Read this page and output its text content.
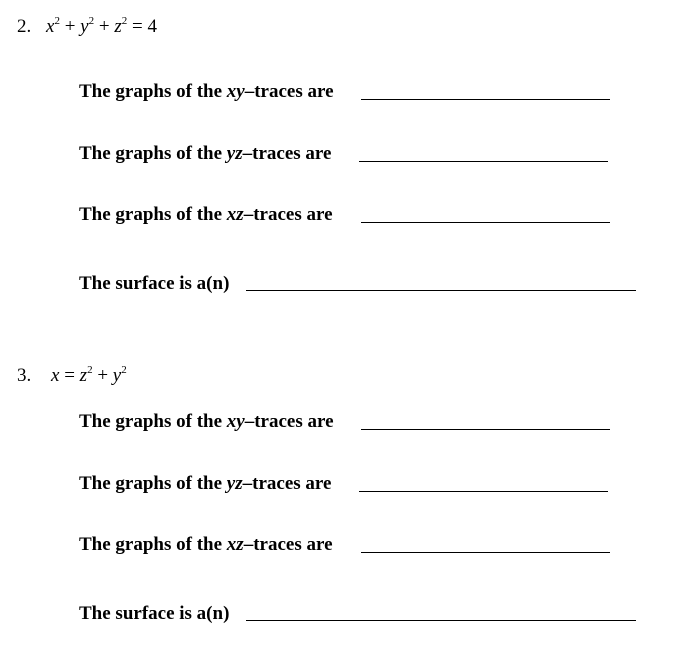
2. $x^2 + y^2 + z^2 = 4$
The graphs of the xy–traces are
The graphs of the yz–traces are
The graphs of the xz–traces are
The surface is a(n)
3. $x = z^2 + y^2$
The graphs of the xy–traces are
The graphs of the yz–traces are
The graphs of the xz–traces are
The surface is a(n)
